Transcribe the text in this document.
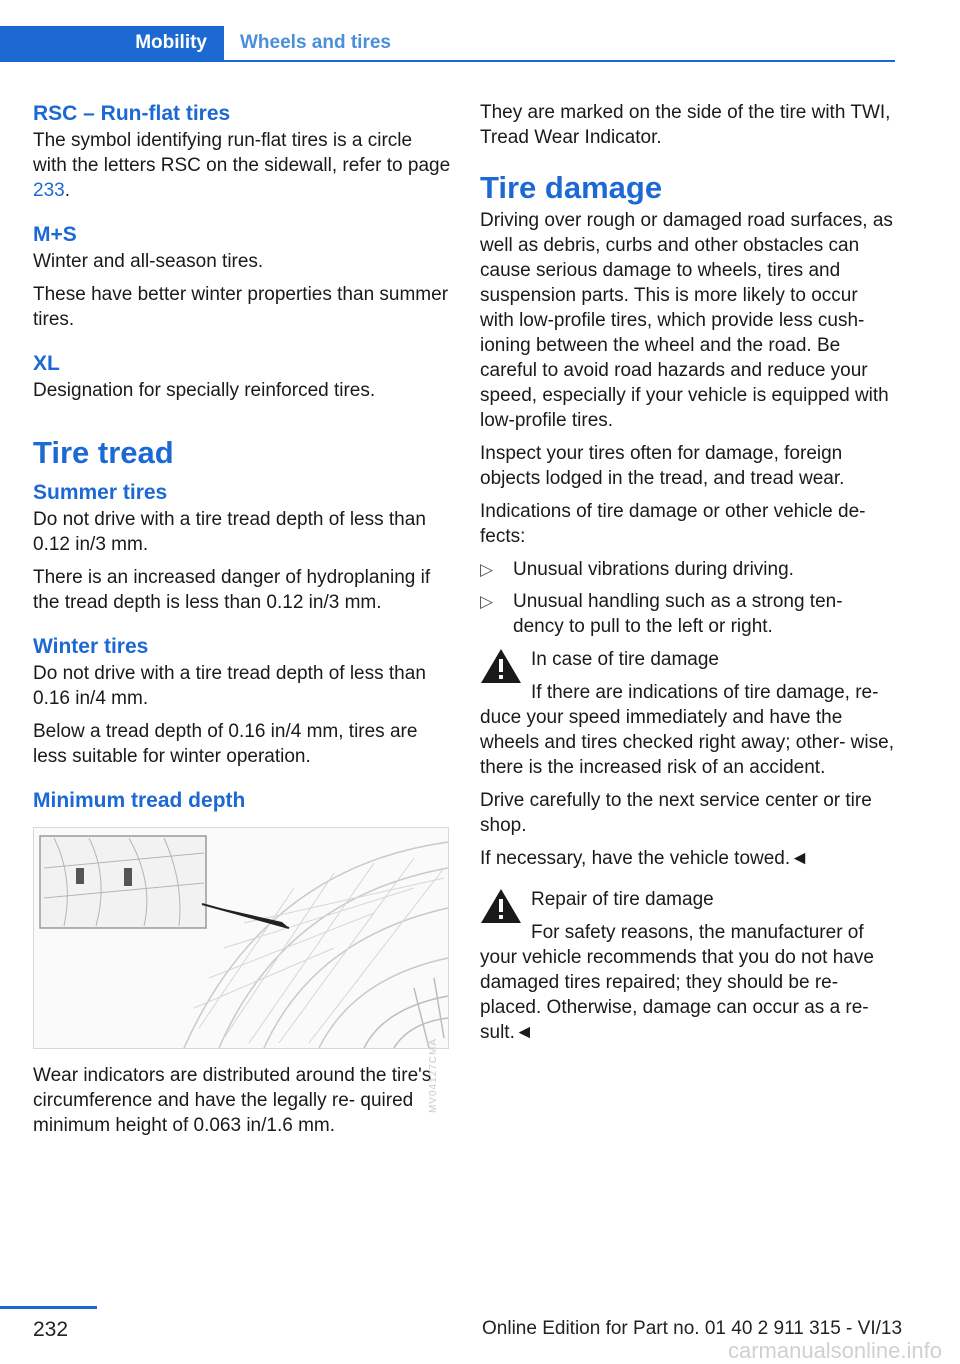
Mobility	Wheels and tires
RSC – Run-flat tires

The symbol identifying run-flat tires is a circle with the letters RSC on the sidewall, refer to page 233.

M+S

Winter and all-season tires.

These have better winter properties than summer tires.

XL

Designation for specially reinforced tires.

Tire tread
Summer tires

Do not drive with a tire tread depth of less than 0.12 in/3 mm.

There is an increased danger of hydroplaning if the tread depth is less than 0.12 in/3 mm.

Winter tires

Do not drive with a tire tread depth of less than 0.16 in/4 mm.

Below a tread depth of 0.16 in/4 mm, tires are less suitable for winter operation.

Minimum tread depth
MV04127CMA

Wear indicators are distributed around the tire's circumference and have the legally re- quired minimum height of 0.063 in/1.6 mm.

They are marked on the side of the tire with TWI, Tread Wear Indicator.

Tire damage

Driving over rough or damaged road surfaces, as well as debris, curbs and other obstacles can cause serious damage to wheels, tires and suspension parts. This is more likely to occur with low-profile tires, which provide less cush- ioning between the wheel and the road. Be careful to avoid road hazards and reduce your speed, especially if your vehicle is equipped with low-profile tires.

Inspect your tires often for damage, foreign objects lodged in the tread, and tread wear.

Indications of tire damage or other vehicle de- fects:

▷ Unusual vibrations during driving.
▷ Unusual handling such as a strong ten- dency to pull to the left or right.

In case of tire damage

If there are indications of tire damage, re- duce your speed immediately and have the wheels and tires checked right away; other- wise, there is the increased risk of an accident.

Drive carefully to the next service center or tire shop.

If necessary, have the vehicle towed.◄

Repair of tire damage

For safety reasons, the manufacturer of your vehicle recommends that you do not have damaged tires repaired; they should be re- placed. Otherwise, damage can occur as a re- sult.◄

232	Online Edition for Part no. 01 40 2 911 315 - VI/13
carmanualsonline.info
